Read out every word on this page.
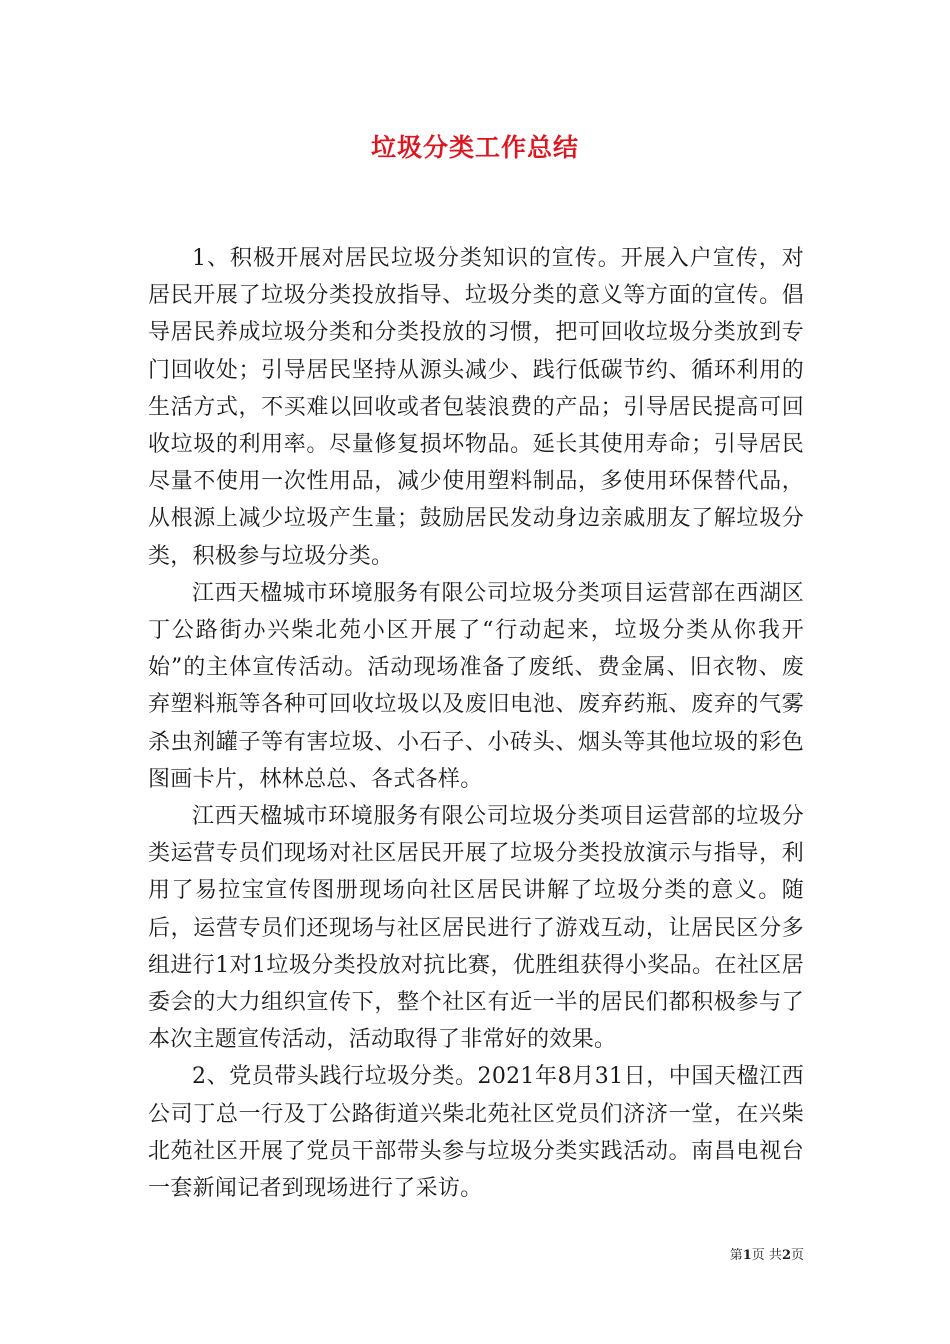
垃圾分类工作总结

1、积极开展对居民垃圾分类知识的宣传。开展入户宣传，对居民开展了垃圾分类投放指导、垃圾分类的意义等方面的宣传。倡导居民养成垃圾分类和分类投放的习惯，把可回收垃圾分类放到专门回收处；引导居民坚持从源头减少、践行低碳节约、循环利用的生活方式，不买难以回收或者包装浪费的产品；引导居民提高可回收垃圾的利用率。尽量修复损坏物品。延长其使用寿命；引导居民尽量不使用一次性用品，减少使用塑料制品，多使用环保替代品，从根源上减少垃圾产生量；鼓励居民发动身边亲戚朋友了解垃圾分类，积极参与垃圾分类。

江西天楹城市环境服务有限公司垃圾分类项目运营部在西湖区丁公路街办兴柴北苑小区开展了“行动起来，垃圾分类从你我开始”的主体宣传活动。活动现场准备了废纸、费金属、旧衣物、废弃塑料瓶等各种可回收垃圾以及废旧电池、废弃药瓶、废弃的气雾杀虫剂罐子等有害垃圾、小石子、小砖头、烟头等其他垃圾的彩色图画卡片，林林总总、各式各样。

江西天楹城市环境服务有限公司垃圾分类项目运营部的垃圾分类运营专员们现场对社区居民开展了垃圾分类投放演示与指导，利用了易拉宝宣传图册现场向社区居民讲解了垃圾分类的意义。随后，运营专员们还现场与社区居民进行了游戏互动，让居民区分多组进行1对1垃圾分类投放对抗比赛，优胜组获得小奖品。在社区居委会的大力组织宣传下，整个社区有近一半的居民们都积极参与了本次主题宣传活动，活动取得了非常好的效果。

2、党员带头践行垃圾分类。2021年8月31日，中国天楹江西公司丁总一行及丁公路街道兴柴北苑社区党员们济济一堂，在兴柴北苑社区开展了党员干部带头参与垃圾分类实践活动。南昌电视台一套新闻记者到现场进行了采访。

第1页 共2页
